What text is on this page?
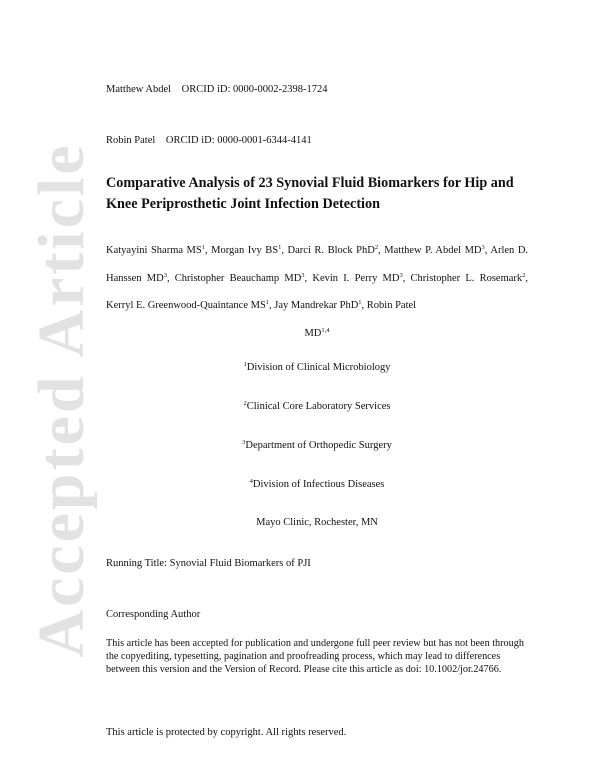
Accepted Article
Matthew Abdel ORCID iD: 0000-0002-2398-1724
Robin Patel ORCID iD: 0000-0001-6344-4141
Comparative Analysis of 23 Synovial Fluid Biomarkers for Hip and Knee Periprosthetic Joint Infection Detection
Katyayini Sharma $MS^1$, Morgan Ivy $BS^1$, Darci R. Block PhD$^2$, Matthew P. Abdel $MD^3$, Arlen D. Hanssen $MD^3$, Christopher Beauchamp $MD^3$, Kevin I. Perry $MD^3$, Christopher L. Rosemark$^2$, Kerryl E. Greenwood-Quaintance $MS^1$, Jay Mandrekar PhD$^1$, Robin Patel
MD$^{1,4}$
$^1$Division of Clinical Microbiology
$^2$Clinical Core Laboratory Services
$^3$Department of Orthopedic Surgery
$^4$Division of Infectious Diseases
Mayo Clinic, Rochester, MN
Running Title: Synovial Fluid Biomarkers of PJI
Corresponding Author
This article has been accepted for publication and undergone full peer review but has not been through the copyediting, typesetting, pagination and proofreading process, which may lead to differences between this version and the Version of Record. Please cite this article as doi: 10.1002/jor.24766.
This article is protected by copyright. All rights reserved.
